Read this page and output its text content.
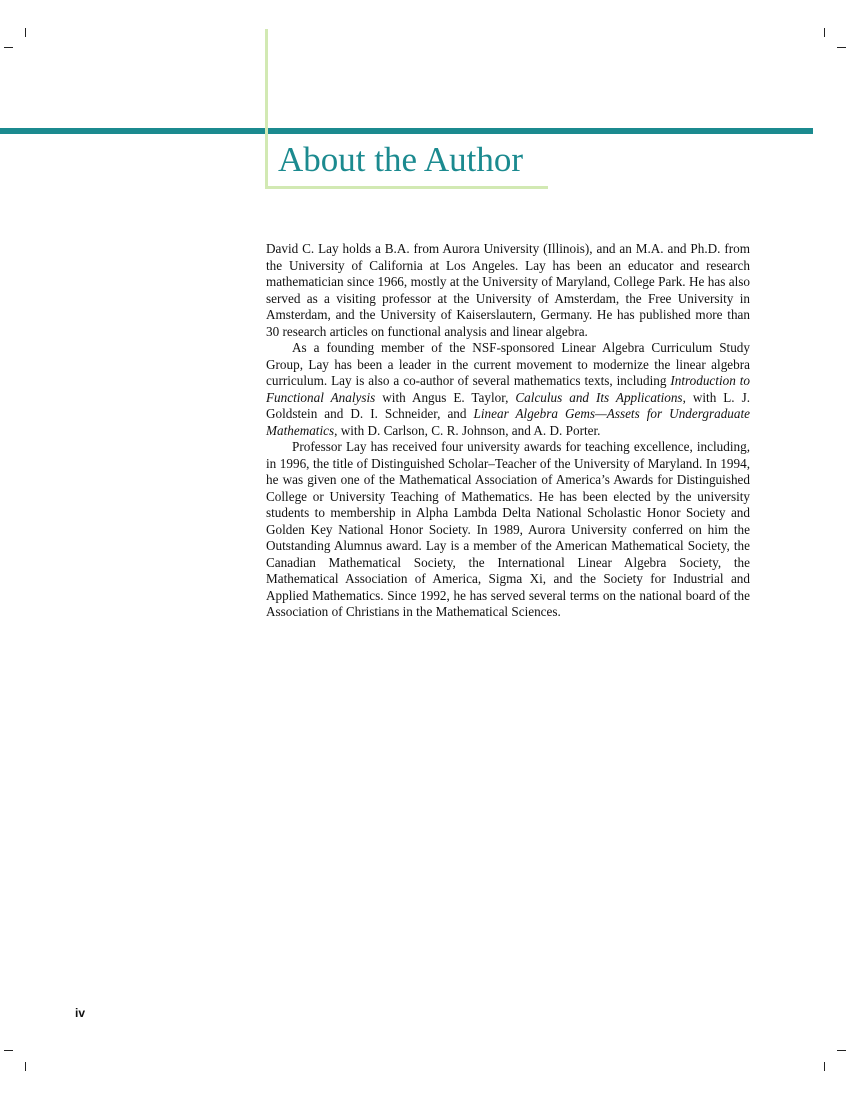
About the Author

David C. Lay holds a B.A. from Aurora University (Illinois), and an M.A. and Ph.D. from the University of California at Los Angeles. Lay has been an educator and research mathematician since 1966, mostly at the University of Maryland, College Park. He has also served as a visiting professor at the University of Amsterdam, the Free University in Amsterdam, and the University of Kaiserslautern, Germany. He has published more than 30 research articles on functional analysis and linear algebra.

As a founding member of the NSF-sponsored Linear Algebra Curriculum Study Group, Lay has been a leader in the current movement to modernize the linear algebra curriculum. Lay is also a co-author of several mathematics texts, including Introduction to Functional Analysis with Angus E. Taylor, Calculus and Its Applications, with L. J. Goldstein and D. I. Schneider, and Linear Algebra Gems—Assets for Undergraduate Mathematics, with D. Carlson, C. R. Johnson, and A. D. Porter.

Professor Lay has received four university awards for teaching excellence, including, in 1996, the title of Distinguished Scholar–Teacher of the University of Maryland. In 1994, he was given one of the Mathematical Association of America’s Awards for Distinguished College or University Teaching of Mathematics. He has been elected by the university students to membership in Alpha Lambda Delta National Scholastic Honor Society and Golden Key National Honor Society. In 1989, Aurora University conferred on him the Outstanding Alumnus award. Lay is a member of the American Mathematical Society, the Canadian Mathematical Society, the International Linear Algebra Society, the Mathematical Association of America, Sigma Xi, and the Society for Industrial and Applied Mathematics. Since 1992, he has served several terms on the national board of the Association of Christians in the Mathematical Sciences.

iv
